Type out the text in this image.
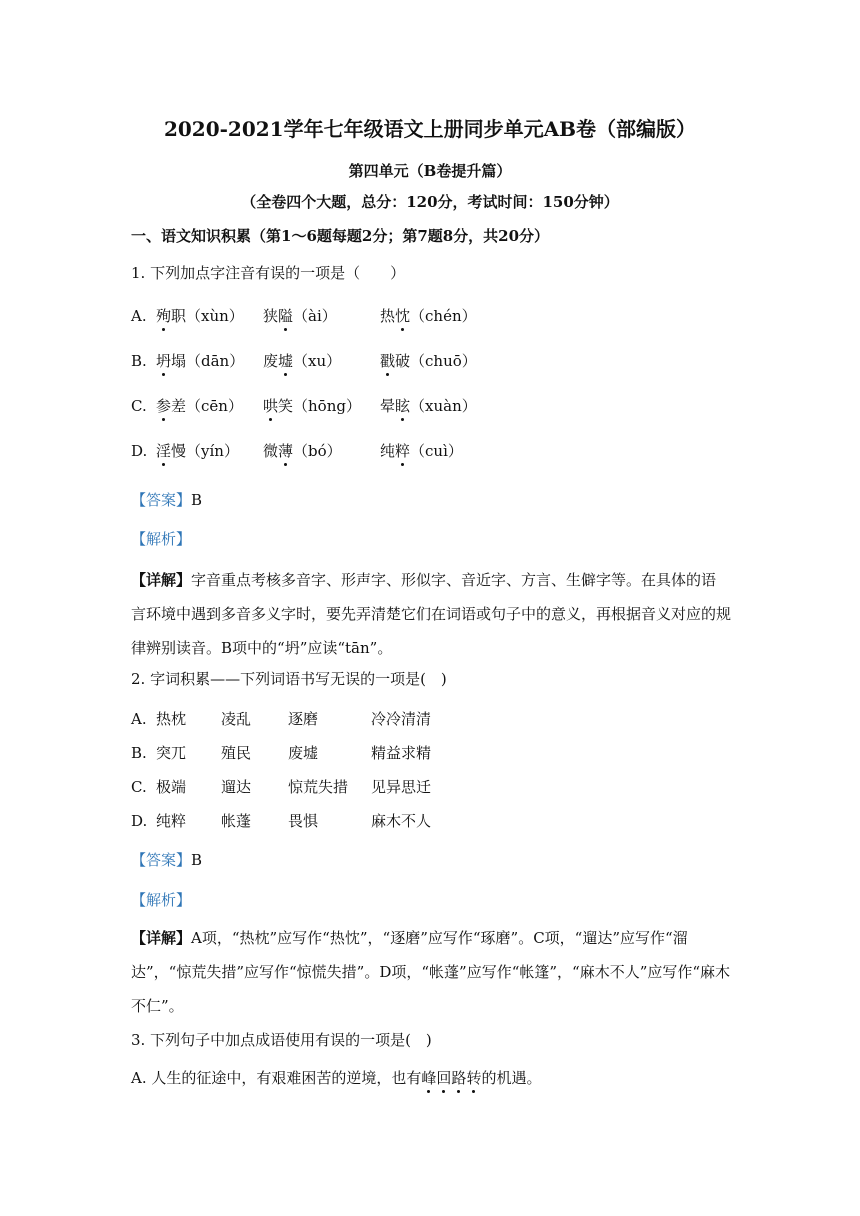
2020-2021学年七年级语文上册同步单元AB卷（部编版）
第四单元（B卷提升篇）
（全卷四个大题，总分：120分，考试时间：150分钟）
一、语文知识积累（第1～6题每题2分；第7题8分，共20分）
1. 下列加点字注音有误的一项是（　　）
A. 殉职（xùn） 狭隘（ài）	热忱（chén）
B. 坍塌（dān） 废墟（xu）	戳破（chuō）
C. 参差（cēn） 哄笑（hōng） 晕眩（xuàn）
D. 淫慢（yín） 微薄（bó）	纯粹（cuì）
【答案】B
【解析】
【详解】字音重点考核多音字、形声字、形似字、音近字、方言、生僻字等。在具体的语言环境中遇到多音多义字时，要先弄清楚它们在词语或句子中的意义，再根据音义对应的规律辨别读音。B项中的“坍”应读“tān”。
2. 字词积累——下列词语书写无误的一项是(　)
A. 热枕 凌乱 逐磨	冷冷清清
B. 突兀 殖民 废墟	精益求精
C. 极端 遛达 惊荒失措 见异思迁
D. 纯粹 帐蓬 畏惧	麻木不人
【答案】B
【解析】
【详解】A项，“热枕”应写作“热忱”，“逐磨”应写作“琢磨”。C项，“遛达”应写作“溜达”，“惊荒失措”应写作“惊慌失措”。D项，“帐蓬”应写作“帐篷”，“麻木不人”应写作“麻木不仁”。
3. 下列句子中加点成语使用有误的一项是(　)
A. 人生的征途中，有艰难困苦的逆境，也有峰回路转的机遇。
